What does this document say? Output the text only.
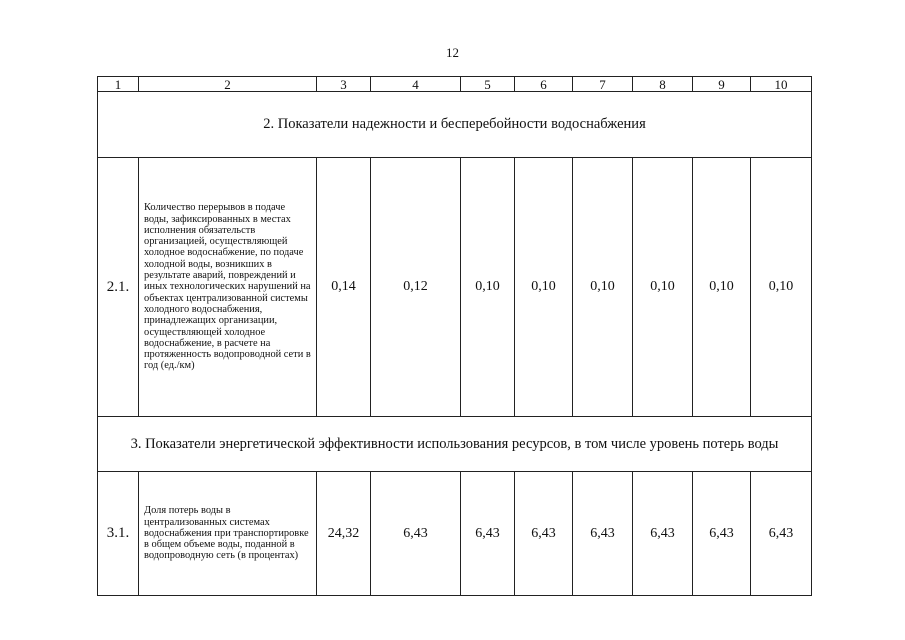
12
1	2	3	4	5	6	7	8	9	10
2. Показатели надежности и бесперебойности водоснабжения									
2.1.	Количество перерывов в подаче воды, зафиксированных в местах исполнения обязательств организацией, осуществляющей холодное водоснабжение, по подаче холодной воды, возникших в результате аварий, повреждений и иных технологических нарушений на объектах централизованной системы холодного водоснабжения, принадлежащих организации, осуществляющей холодное водоснабжение, в расчете на протяженность водопроводной сети в год (ед./км)	0,14	0,12	0,10	0,10	0,10	0,10	0,10	0,10
3. Показатели энергетической эффективности использования ресурсов, в том числе уровень потерь воды									
3.1.	Доля потерь воды в централизованных системах водоснабжения при транспортировке в общем объеме воды, поданной в водопроводную сеть (в процентах)	24,32	6,43	6,43	6,43	6,43	6,43	6,43	6,43
